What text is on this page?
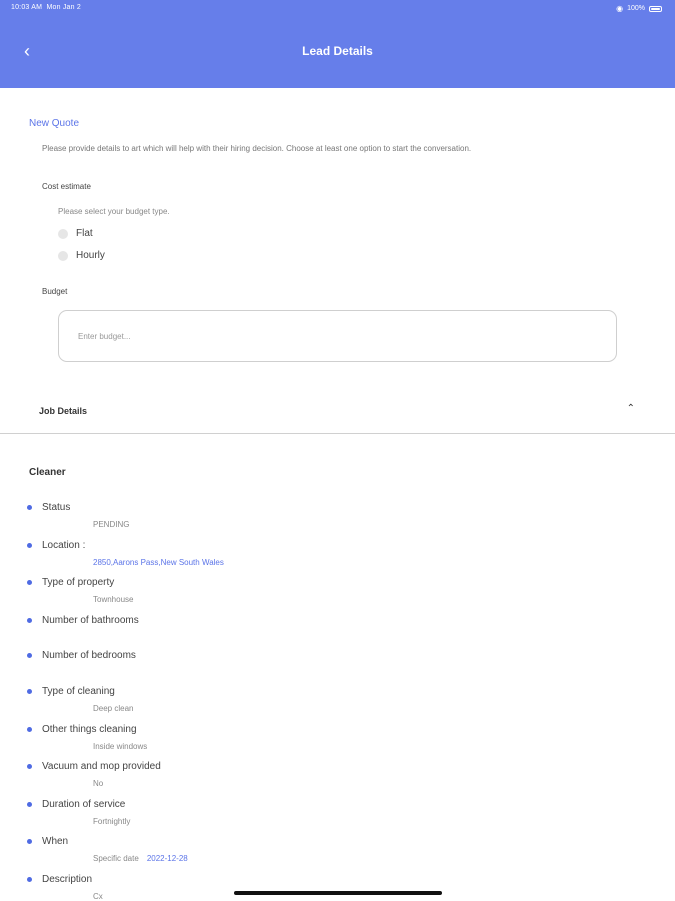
10:03 AM Mon Jan 2	◉ 100%
‹	Lead Details
New Quote
Please provide details to art which will help with their hiring decision. Choose at least one option to start the conversation.
Cost estimate
Please select your budget type.
Flat
Hourly
Budget
Enter budget...
Job Details	⌃
Cleaner
Status
PENDING
Location :
2850,Aarons Pass,New South Wales
Type of property
Townhouse
Number of bathrooms
Number of bedrooms
Type of cleaning
Deep clean
Other things cleaning
Inside windows
Vacuum and mop provided
No
Duration of service
Fortnightly
When
Specific date 2022-12-28
Description
Cx
